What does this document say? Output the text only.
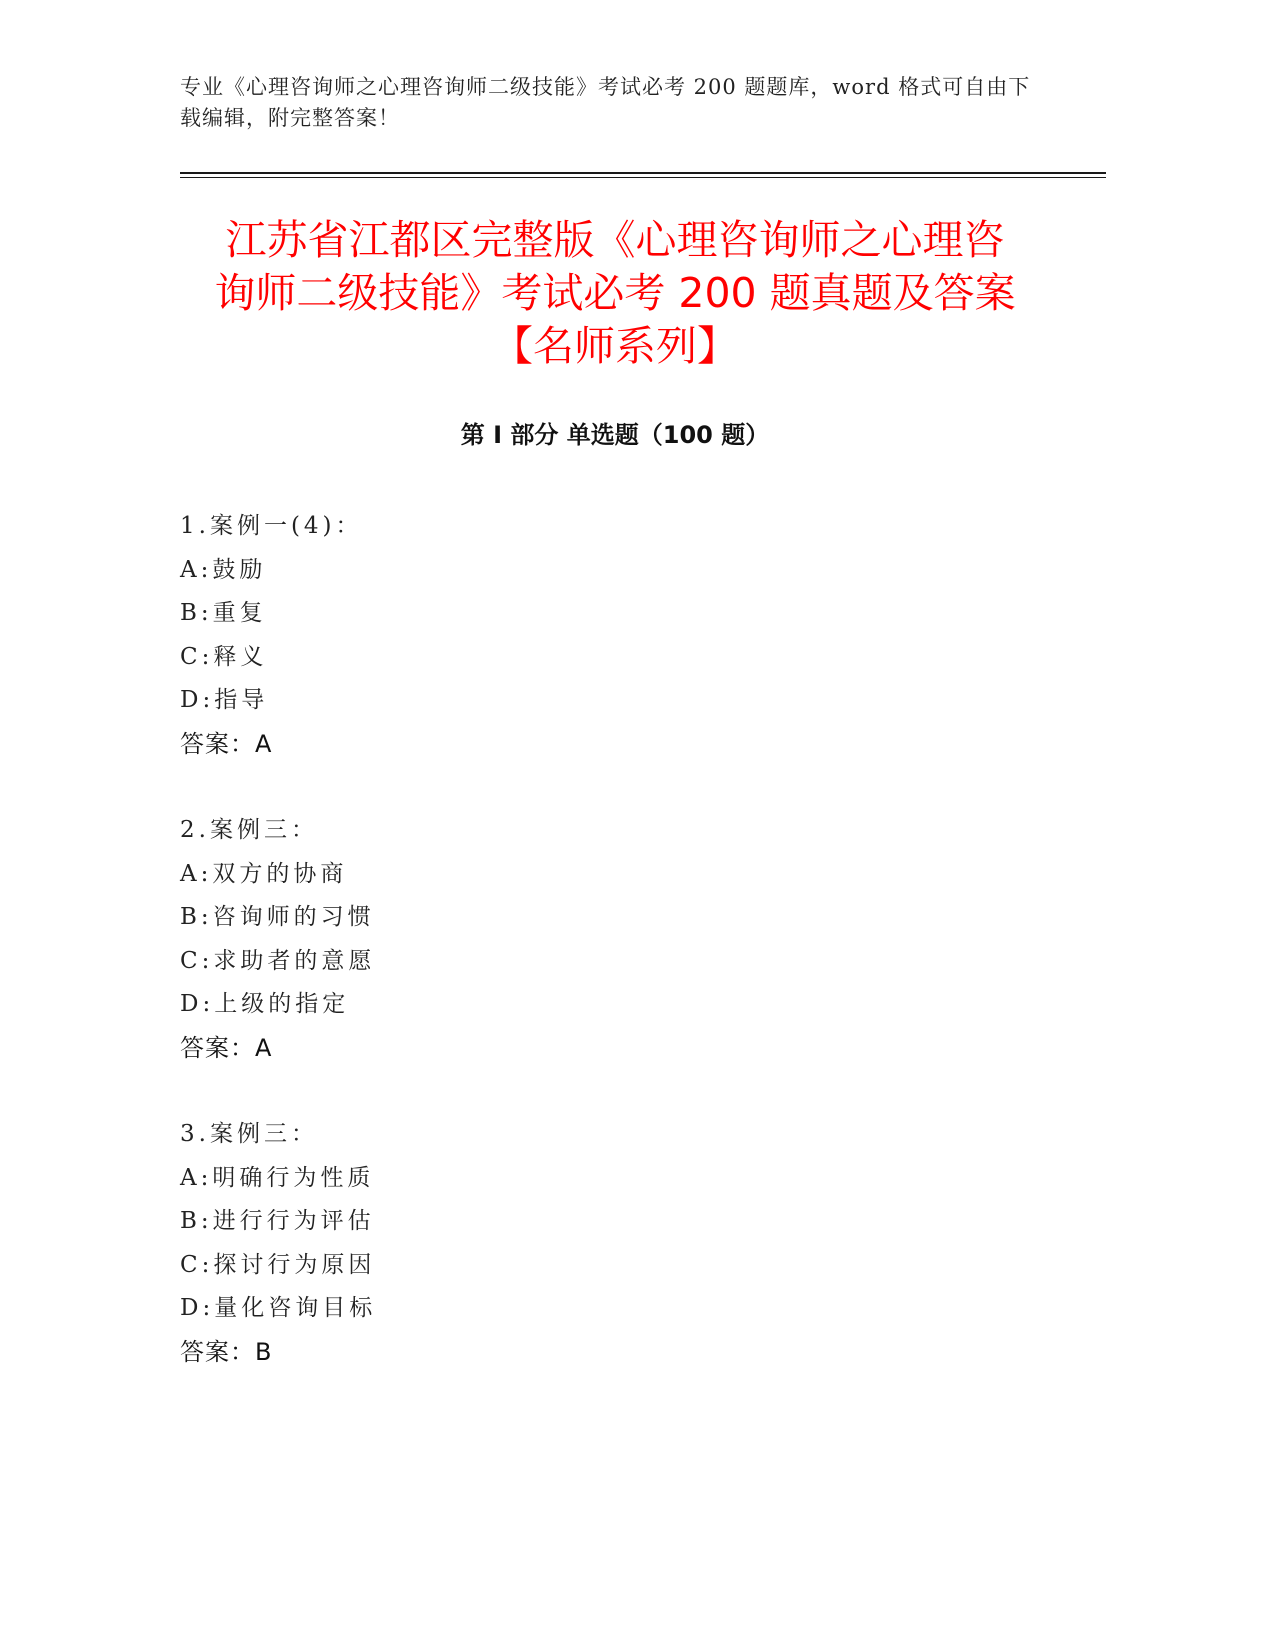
专业《心理咨询师之心理咨询师二级技能》考试必考 200 题题库，word 格式可自由下载编辑，附完整答案！
江苏省江都区完整版《心理咨询师之心理咨
询师二级技能》考试必考 200 题真题及答案
【名师系列】
第 I 部分 单选题（100 题）
1.案例一(4)：
A:鼓励
B:重复
C:释义
D:指导
答案：A
2.案例三：
A:双方的协商
B:咨询师的习惯
C:求助者的意愿
D:上级的指定
答案：A
3.案例三：
A:明确行为性质
B:进行行为评估
C:探讨行为原因
D:量化咨询目标
答案：B
